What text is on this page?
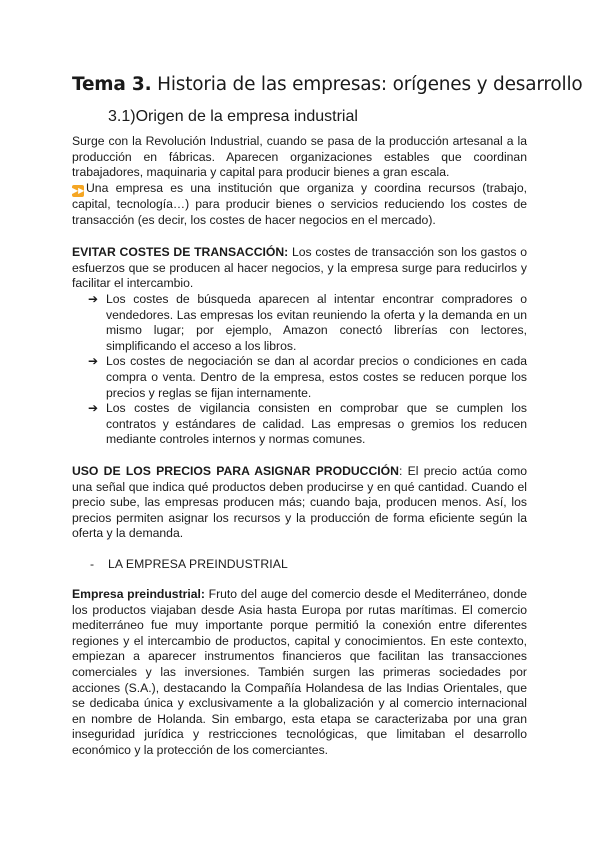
Tema 3. Historia de las empresas: orígenes y desarrollo
3.1)Origen de la empresa industrial

Surge con la Revolución Industrial, cuando se pasa de la producción artesanal a la producción en fábricas. Aparecen organizaciones estables que coordinan trabajadores, maquinaria y capital para producir bienes a gran escala.

▶▶ Una empresa es una institución que organiza y coordina recursos (trabajo, capital, tecnología…) para producir bienes o servicios reduciendo los costes de transacción (es decir, los costes de hacer negocios en el mercado).

EVITAR COSTES DE TRANSACCIÓN: Los costes de transacción son los gastos o esfuerzos que se producen al hacer negocios, y la empresa surge para reducirlos y facilitar el intercambio.

➔ Los costes de búsqueda aparecen al intentar encontrar compradores o vendedores. Las empresas los evitan reuniendo la oferta y la demanda en un mismo lugar; por ejemplo, Amazon conectó librerías con lectores, simplificando el acceso a los libros.
➔ Los costes de negociación se dan al acordar precios o condiciones en cada compra o venta. Dentro de la empresa, estos costes se reducen porque los precios y reglas se fijan internamente.
➔ Los costes de vigilancia consisten en comprobar que se cumplen los contratos y estándares de calidad. Las empresas o gremios los reducen mediante controles internos y normas comunes.

USO DE LOS PRECIOS PARA ASIGNAR PRODUCCIÓN: El precio actúa como una señal que indica qué productos deben producirse y en qué cantidad. Cuando el precio sube, las empresas producen más; cuando baja, producen menos. Así, los precios permiten asignar los recursos y la producción de forma eficiente según la oferta y la demanda.

- LA EMPRESA PREINDUSTRIAL

Empresa preindustrial: Fruto del auge del comercio desde el Mediterráneo, donde los productos viajaban desde Asia hasta Europa por rutas marítimas. El comercio mediterráneo fue muy importante porque permitió la conexión entre diferentes regiones y el intercambio de productos, capital y conocimientos. En este contexto, empiezan a aparecer instrumentos financieros que facilitan las transacciones comerciales y las inversiones. También surgen las primeras sociedades por acciones (S.A.), destacando la Compañía Holandesa de las Indias Orientales, que se dedicaba única y exclusivamente a la globalización y al comercio internacional en nombre de Holanda. Sin embargo, esta etapa se caracterizaba por una gran inseguridad jurídica y restricciones tecnológicas, que limitaban el desarrollo económico y la protección de los comerciantes.
